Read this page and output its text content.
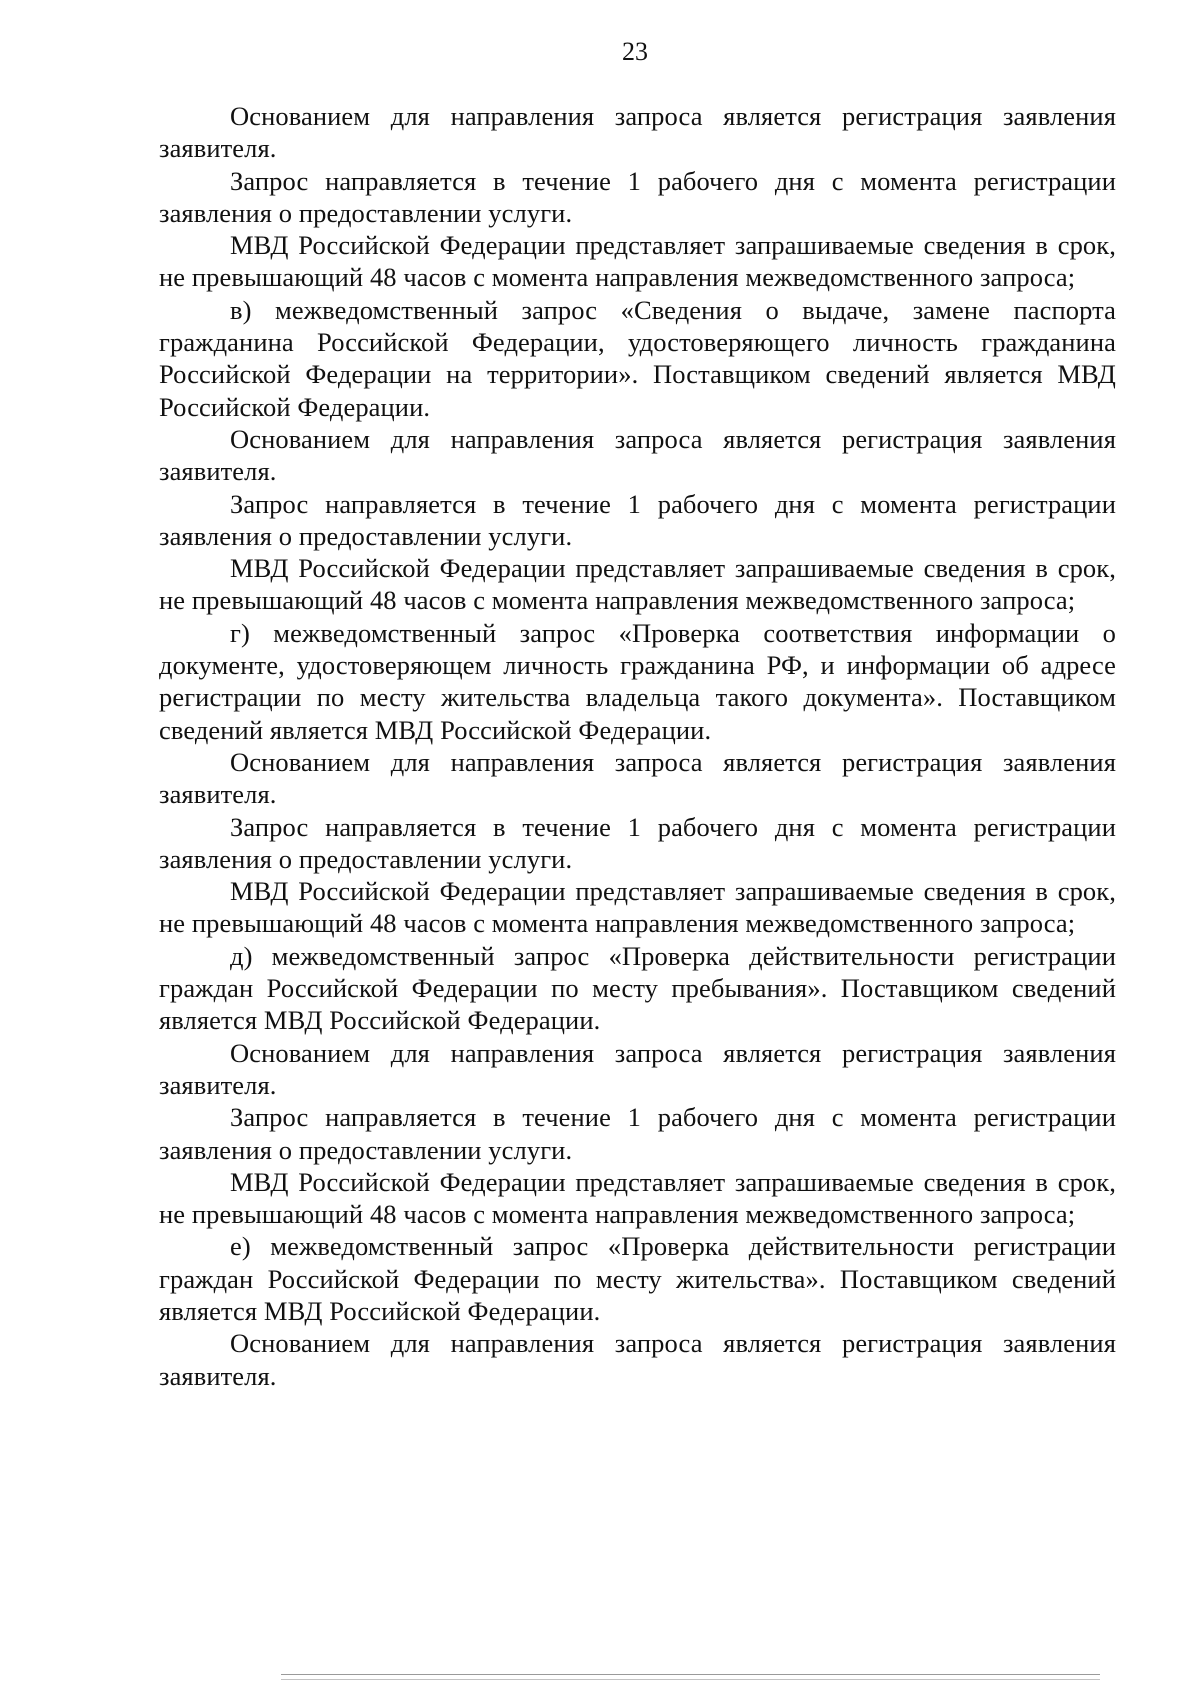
23

Основанием для направления запроса является регистрация заявления заявителя.

Запрос направляется в течение 1 рабочего дня с момента регистрации заявления о предоставлении услуги.

МВД Российской Федерации представляет запрашиваемые сведения в срок, не превышающий 48 часов с момента направления межведомственного запроса;

в) межведомственный запрос «Сведения о выдаче, замене паспорта гражданина Российской Федерации, удостоверяющего личность гражданина Российской Федерации на территории». Поставщиком сведений является МВД Российской Федерации.

Основанием для направления запроса является регистрация заявления заявителя.

Запрос направляется в течение 1 рабочего дня с момента регистрации заявления о предоставлении услуги.

МВД Российской Федерации представляет запрашиваемые сведения в срок, не превышающий 48 часов с момента направления межведомственного запроса;

г) межведомственный запрос «Проверка соответствия информации о документе, удостоверяющем личность гражданина РФ, и информации об адресе регистрации по месту жительства владельца такого документа». Поставщиком сведений является МВД Российской Федерации.

Основанием для направления запроса является регистрация заявления заявителя.

Запрос направляется в течение 1 рабочего дня с момента регистрации заявления о предоставлении услуги.

МВД Российской Федерации представляет запрашиваемые сведения в срок, не превышающий 48 часов с момента направления межведомственного запроса;

д) межведомственный запрос «Проверка действительности регистрации граждан Российской Федерации по месту пребывания». Поставщиком сведений является МВД Российской Федерации.

Основанием для направления запроса является регистрация заявления заявителя.

Запрос направляется в течение 1 рабочего дня с момента регистрации заявления о предоставлении услуги.

МВД Российской Федерации представляет запрашиваемые сведения в срок, не превышающий 48 часов с момента направления межведомственного запроса;

е) межведомственный запрос «Проверка действительности регистрации граждан Российской Федерации по месту жительства». Поставщиком сведений является МВД Российской Федерации.

Основанием для направления запроса является регистрация заявления заявителя.
